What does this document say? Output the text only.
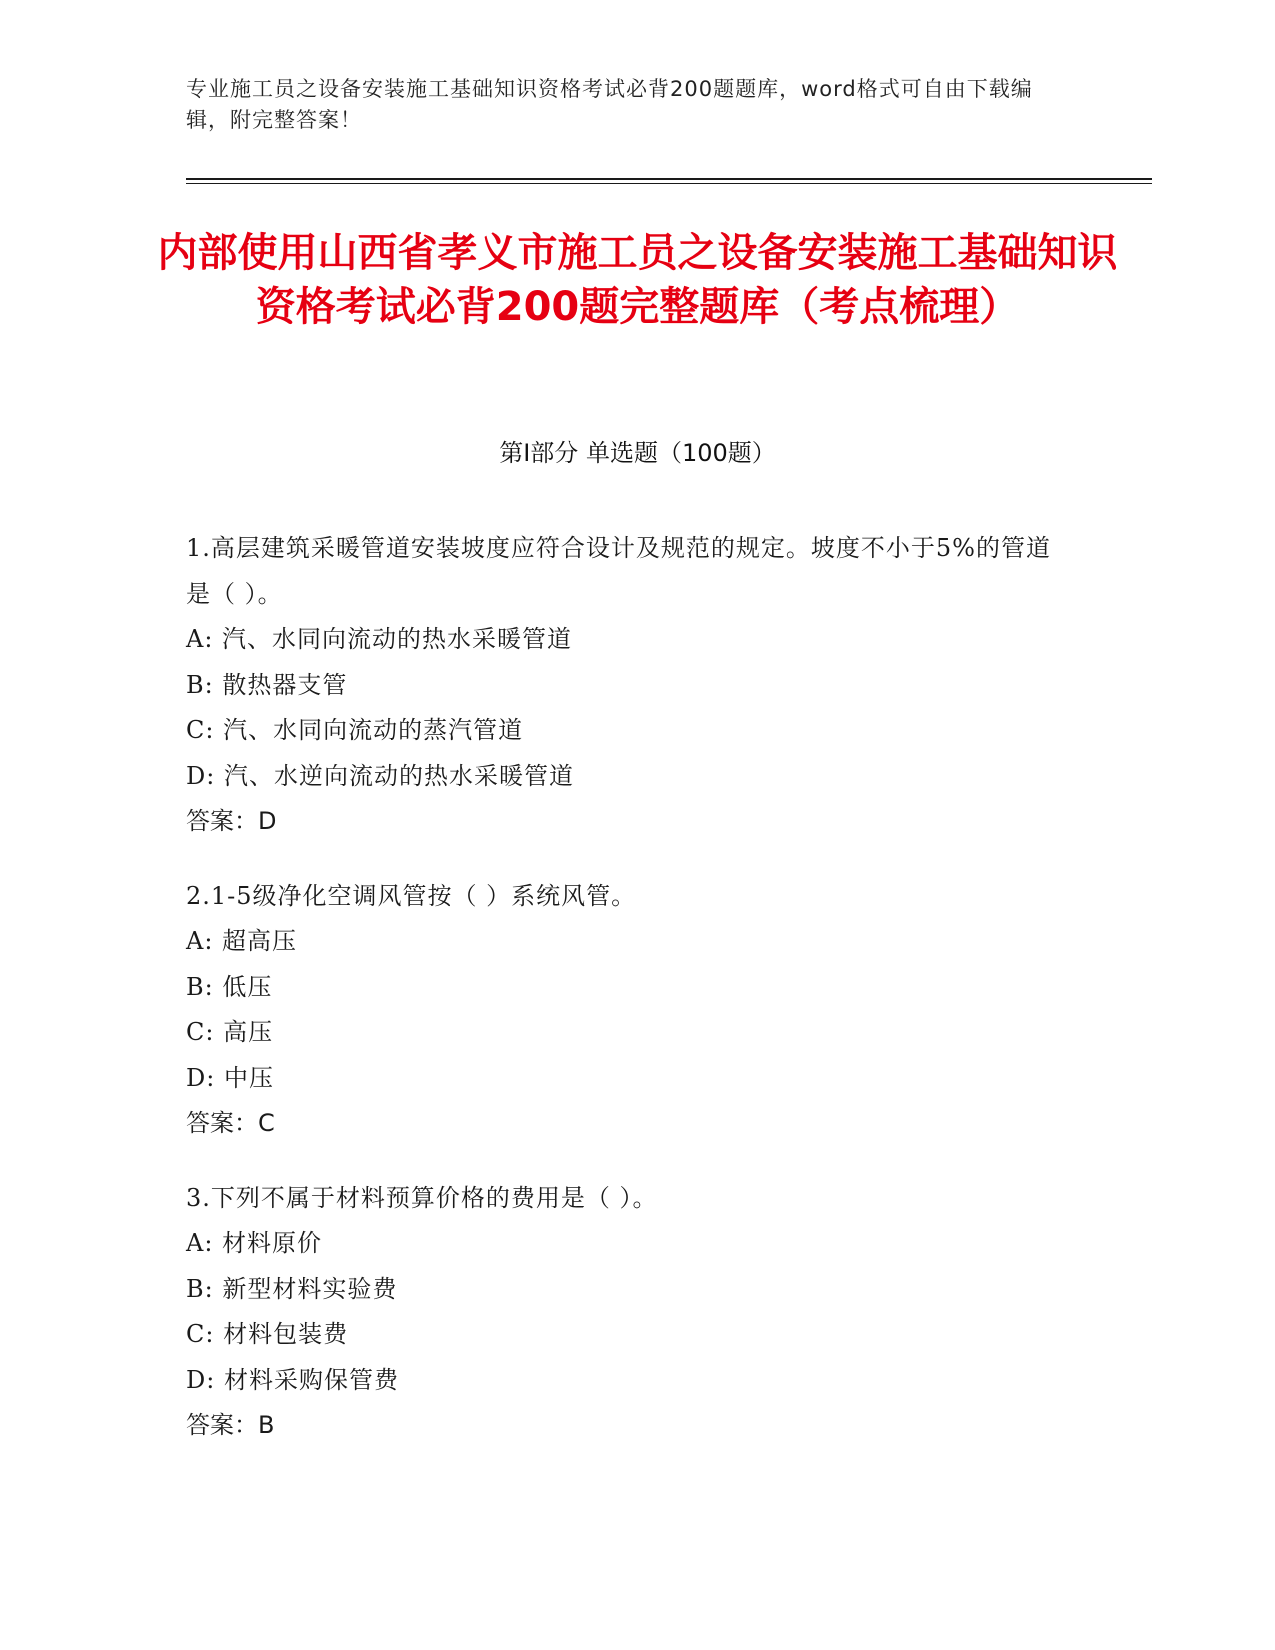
专业施工员之设备安装施工基础知识资格考试必背200题题库，word格式可自由下载编辑，附完整答案！
内部使用山西省孝义市施工员之设备安装施工基础知识资格考试必背200题完整题库（考点梳理）
第I部分 单选题（100题）
1.高层建筑采暖管道安装坡度应符合设计及规范的规定。坡度不小于5%的管道是（ ）。
A: 汽、水同向流动的热水采暖管道
B: 散热器支管
C: 汽、水同向流动的蒸汽管道
D: 汽、水逆向流动的热水采暖管道
答案：D
2.1-5级净化空调风管按（ ）系统风管。
A: 超高压
B: 低压
C: 高压
D: 中压
答案：C
3.下列不属于材料预算价格的费用是（ ）。
A: 材料原价
B: 新型材料实验费
C: 材料包装费
D: 材料采购保管费
答案：B
